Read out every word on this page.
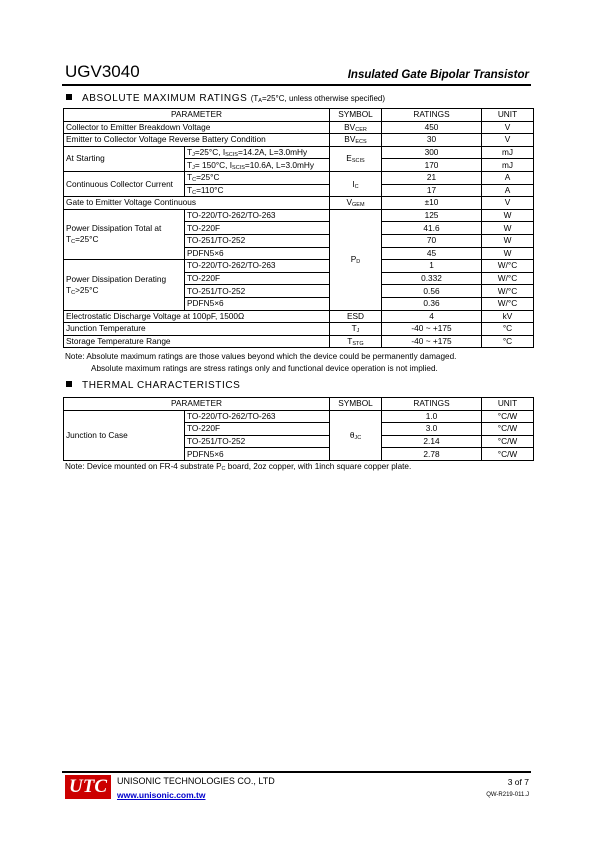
UGV3040	Insulated Gate Bipolar Transistor
ABSOLUTE MAXIMUM RATINGS ($T_A=25^\circ C$, unless otherwise specified)
PARAMETER		SYMBOL	RATINGS	UNIT
Collector to Emitter Breakdown Voltage		$BV_{CER}$	450	V
Emitter to Collector Voltage Reverse Battery Condition		$BV_{ECS}$	30	V
At Starting	$T_J=25^\circ C$, $I_{SCIS}=14.2A$, L=3.0mHy	$E_{SCIS}$	300	mJ
	$T_J= 150^\circ C$, $I_{SCIS}=10.6A$, L=3.0mHy		170	mJ
Continuous Collector Current	$T_C=25^\circ C$	$I_C$	21	A
	$T_C=110^\circ C$		17	A
Gate to Emitter Voltage Continuous		$V_{GEM}$	±10	V
Power Dissipation Total at
$T_C=25^\circ C$	TO-220/TO-262/TO-263	$P_D$	125	W
	TO-220F		41.6	W
	TO-251/TO-252		70	W
	PDFN5×6		45	W
Power Dissipation Derating
$T_C>25^\circ C$	TO-220/TO-262/TO-263		1	W/°C
	TO-220F		0.332	W/°C
	TO-251/TO-252		0.56	W/°C
	PDFN5×6		0.36	W/°C
Electrostatic Discharge Voltage at 100pF, 1500Ω		ESD	4	kV
Junction Temperature		$T_J$	-40 ~ +175	°C
Storage Temperature Range		$T_{STG}$	-40 ~ +175	°C

Note: Absolute maximum ratings are those values beyond which the device could be permanently damaged.

Absolute maximum ratings are stress ratings only and functional device operation is not implied.

THERMAL CHARACTERISTICS
PARAMETER		SYMBOL	RATINGS	UNIT
Junction to Case	TO-220/TO-262/TO-263	$\theta_{JC}$	1.0	°C/W
	TO-220F		3.0	°C/W
	TO-251/TO-252		2.14	°C/W
	PDFN5×6		2.78	°C/W
Note: Device mounted on FR-4 substrate $P_C$ board, 2oz copper, with 1inch square copper plate.
UTC	UNISONIC TECHNOLOGIES CO., LTD
www.unisonic.com.tw
3 of 7
QW-R219-011.J
